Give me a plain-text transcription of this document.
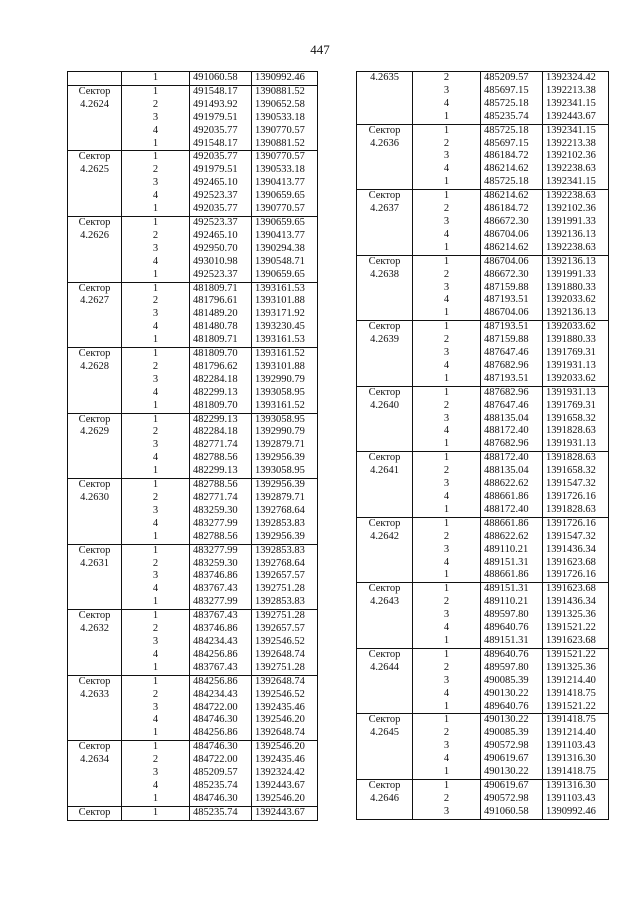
447
	1	491060.58	1390992.46
Сектор 4.2624	1	491548.17	1390881.52
	2	491493.92	1390652.58
	3	491979.51	1390533.18
	4	492035.77	1390770.57
	1	491548.17	1390881.52
Сектор 4.2625	1	492035.77	1390770.57
	2	491979.51	1390533.18
	3	492465.10	1390413.77
	4	492523.37	1390659.65
	1	492035.77	1390770.57
Сектор 4.2626	1	492523.37	1390659.65
	2	492465.10	1390413.77
	3	492950.70	1390294.38
	4	493010.98	1390548.71
	1	492523.37	1390659.65
Сектор 4.2627	1	481809.71	1393161.53
	2	481796.61	1393101.88
	3	481489.20	1393171.92
	4	481480.78	1393230.45
	1	481809.71	1393161.53
Сектор 4.2628	1	481809.70	1393161.52
	2	481796.62	1393101.88
	3	482284.18	1392990.79
	4	482299.13	1393058.95
	1	481809.70	1393161.52
Сектор 4.2629	1	482299.13	1393058.95
	2	482284.18	1392990.79
	3	482771.74	1392879.71
	4	482788.56	1392956.39
	1	482299.13	1393058.95
Сектор 4.2630	1	482788.56	1392956.39
	2	482771.74	1392879.71
	3	483259.30	1392768.64
	4	483277.99	1392853.83
	1	482788.56	1392956.39
Сектор 4.2631	1	483277.99	1392853.83
	2	483259.30	1392768.64
	3	483746.86	1392657.57
	4	483767.43	1392751.28
	1	483277.99	1392853.83
Сектор 4.2632	1	483767.43	1392751.28
	2	483746.86	1392657.57
	3	484234.43	1392546.52
	4	484256.86	1392648.74
	1	483767.43	1392751.28
Сектор 4.2633	1	484256.86	1392648.74
	2	484234.43	1392546.52
	3	484722.00	1392435.46
	4	484746.30	1392546.20
	1	484256.86	1392648.74
Сектор 4.2634	1	484746.30	1392546.20
	2	484722.00	1392435.46
	3	485209.57	1392324.42
	4	485235.74	1392443.67
	1	484746.30	1392546.20
Сектор	1	485235.74	1392443.67
4.2635	2	485209.57	1392324.42
	3	485697.15	1392213.38
	4	485725.18	1392341.15
	1	485235.74	1392443.67
Сектор 4.2636	1	485725.18	1392341.15
	2	485697.15	1392213.38
	3	486184.72	1392102.36
	4	486214.62	1392238.63
	1	485725.18	1392341.15
Сектор 4.2637	1	486214.62	1392238.63
	2	486184.72	1392102.36
	3	486672.30	1391991.33
	4	486704.06	1392136.13
	1	486214.62	1392238.63
Сектор 4.2638	1	486704.06	1392136.13
	2	486672.30	1391991.33
	3	487159.88	1391880.33
	4	487193.51	1392033.62
	1	486704.06	1392136.13
Сектор 4.2639	1	487193.51	1392033.62
	2	487159.88	1391880.33
	3	487647.46	1391769.31
	4	487682.96	1391931.13
	1	487193.51	1392033.62
Сектор 4.2640	1	487682.96	1391931.13
	2	487647.46	1391769.31
	3	488135.04	1391658.32
	4	488172.40	1391828.63
	1	487682.96	1391931.13
Сектор 4.2641	1	488172.40	1391828.63
	2	488135.04	1391658.32
	3	488622.62	1391547.32
	4	488661.86	1391726.16
	1	488172.40	1391828.63
Сектор 4.2642	1	488661.86	1391726.16
	2	488622.62	1391547.32
	3	489110.21	1391436.34
	4	489151.31	1391623.68
	1	488661.86	1391726.16
Сектор 4.2643	1	489151.31	1391623.68
	2	489110.21	1391436.34
	3	489597.80	1391325.36
	4	489640.76	1391521.22
	1	489151.31	1391623.68
Сектор 4.2644	1	489640.76	1391521.22
	2	489597.80	1391325.36
	3	490085.39	1391214.40
	4	490130.22	1391418.75
	1	489640.76	1391521.22
Сектор 4.2645	1	490130.22	1391418.75
	2	490085.39	1391214.40
	3	490572.98	1391103.43
	4	490619.67	1391316.30
	1	490130.22	1391418.75
Сектор 4.2646	1	490619.67	1391316.30
	2	490572.98	1391103.43
	3	491060.58	1390992.46
